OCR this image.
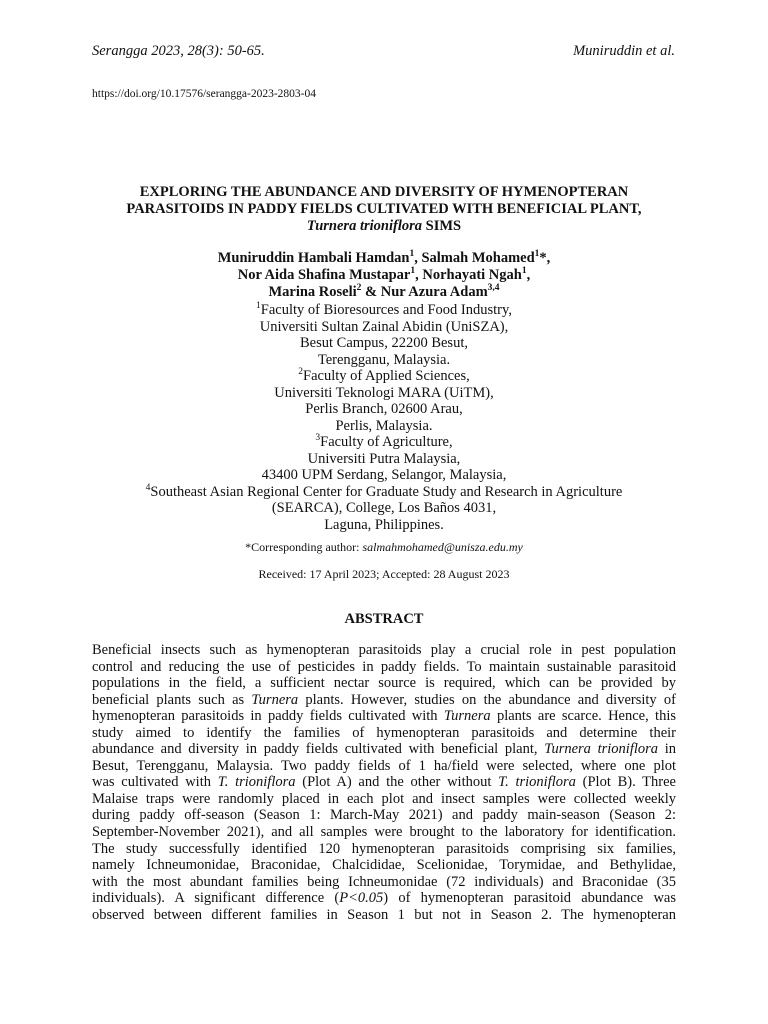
Serangga 2023, 28(3): 50-65.	Muniruddin et al.
https://doi.org/10.17576/serangga-2023-2803-04
EXPLORING THE ABUNDANCE AND DIVERSITY OF HYMENOPTERAN
PARASITOIDS IN PADDY FIELDS CULTIVATED WITH BENEFICIAL PLANT,
Turnera trioniflora SIMS
Muniruddin Hambali Hamdan$^1$, Salmah Mohamed$^1$*,
Nor Aida Shafina Mustapar$^1$, Norhayati Ngah$^1$,
Marina Roseli$^2$ & Nur Azura Adam$^{3,4}$
$^1$Faculty of Bioresources and Food Industry,
Universiti Sultan Zainal Abidin (UniSZA),
Besut Campus, 22200 Besut,
Terengganu, Malaysia.
$^2$Faculty of Applied Sciences,
Universiti Teknologi MARA (UiTM),
Perlis Branch, 02600 Arau,
Perlis, Malaysia.
$^3$Faculty of Agriculture,
Universiti Putra Malaysia,
43400 UPM Serdang, Selangor, Malaysia,
$^4$Southeast Asian Regional Center for Graduate Study and Research in Agriculture
(SEARCA), College, Los Baños 4031,
Laguna, Philippines.
*Corresponding author: salmahmohamed@unisza.edu.my
Received: 17 April 2023; Accepted: 28 August 2023
ABSTRACT
Beneficial insects such as hymenopteran parasitoids play a crucial role in pest population
control and reducing the use of pesticides in paddy fields. To maintain sustainable parasitoid
populations in the field, a sufficient nectar source is required, which can be provided by
beneficial plants such as Turnera plants. However, studies on the abundance and diversity of
hymenopteran parasitoids in paddy fields cultivated with Turnera plants are scarce. Hence, this
study aimed to identify the families of hymenopteran parasitoids and determine their
abundance and diversity in paddy fields cultivated with beneficial plant, Turnera trioniflora in
Besut, Terengganu, Malaysia. Two paddy fields of 1 ha/field were selected, where one plot
was cultivated with T. trioniflora (Plot A) and the other without T. trioniflora (Plot B). Three
Malaise traps were randomly placed in each plot and insect samples were collected weekly
during paddy off-season (Season 1: March-May 2021) and paddy main-season (Season 2:
September-November 2021), and all samples were brought to the laboratory for identification.
The study successfully identified 120 hymenopteran parasitoids comprising six families,
namely Ichneumonidae, Braconidae, Chalcididae, Scelionidae, Torymidae, and Bethylidae,
with the most abundant families being Ichneumonidae (72 individuals) and Braconidae (35
individuals). A significant difference (P<0.05) of hymenopteran parasitoid abundance was
observed between different families in Season 1 but not in Season 2. The hymenopteran
